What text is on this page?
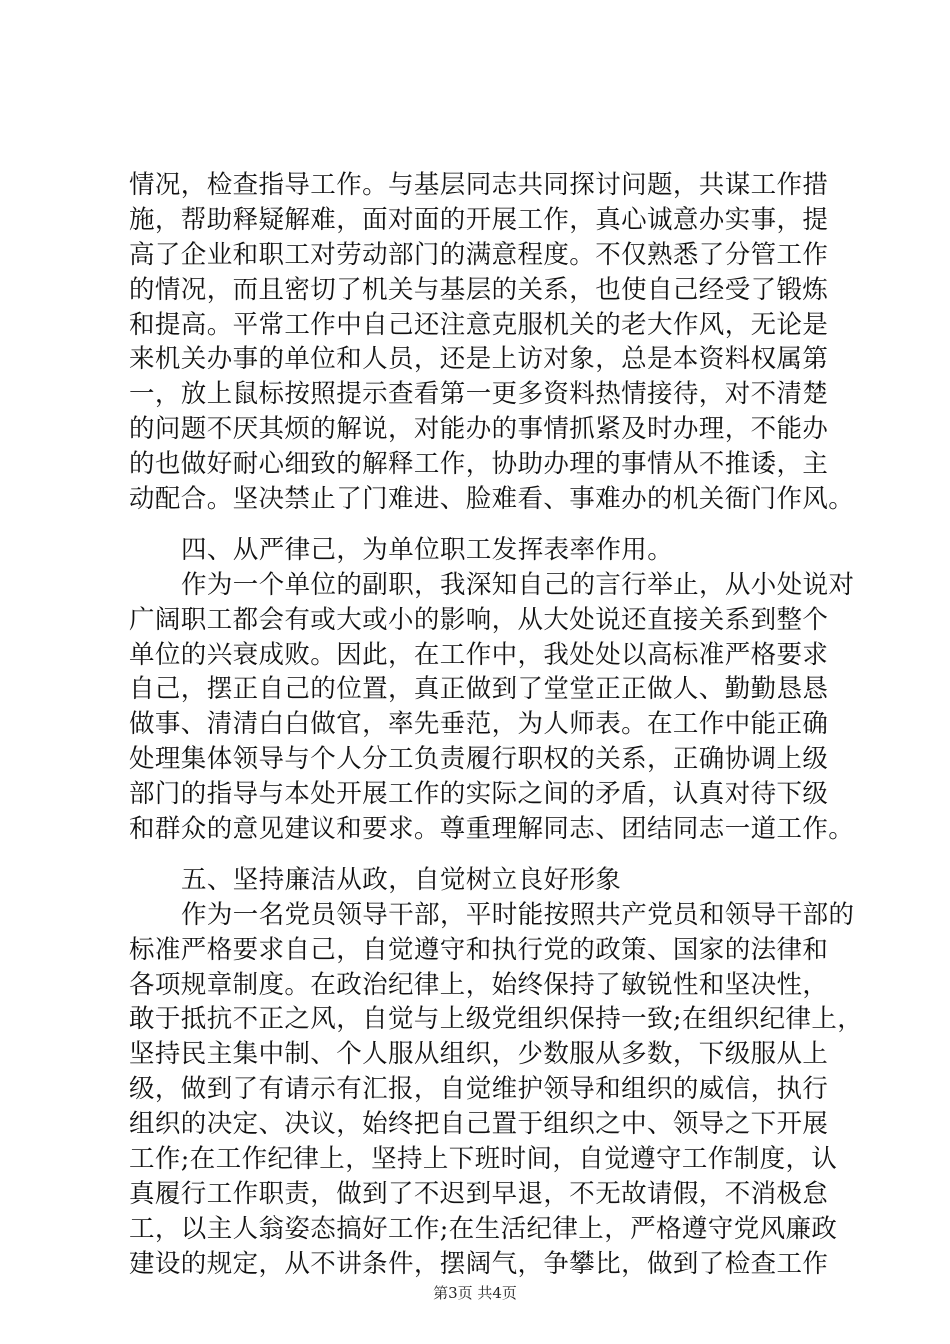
情况，检查指导工作。与基层同志共同探讨问题，共谋工作措
施，帮助释疑解难，面对面的开展工作，真心诚意办实事，提
高了企业和职工对劳动部门的满意程度。不仅熟悉了分管工作
的情况，而且密切了机关与基层的关系，也使自己经受了锻炼
和提高。平常工作中自己还注意克服机关的老大作风，无论是
来机关办事的单位和人员，还是上访对象，总是本资料权属第
一，放上鼠标按照提示查看第一更多资料热情接待，对不清楚
的问题不厌其烦的解说，对能办的事情抓紧及时办理，不能办
的也做好耐心细致的解释工作，协助办理的事情从不推诿，主
动配合。坚决禁止了门难进、脸难看、事难办的机关衙门作风。
四、从严律己，为单位职工发挥表率作用。
作为一个单位的副职，我深知自己的言行举止，从小处说对
广阔职工都会有或大或小的影响，从大处说还直接关系到整个
单位的兴衰成败。因此，在工作中，我处处以高标准严格要求
自己，摆正自己的位置，真正做到了堂堂正正做人、勤勤恳恳
做事、清清白白做官，率先垂范，为人师表。在工作中能正确
处理集体领导与个人分工负责履行职权的关系，正确协调上级
部门的指导与本处开展工作的实际之间的矛盾，认真对待下级
和群众的意见建议和要求。尊重理解同志、团结同志一道工作。
五、坚持廉洁从政，自觉树立良好形象
作为一名党员领导干部，平时能按照共产党员和领导干部的
标准严格要求自己，自觉遵守和执行党的政策、国家的法律和
各项规章制度。在政治纪律上，始终保持了敏锐性和坚决性，
敢于抵抗不正之风，自觉与上级党组织保持一致;在组织纪律上，
坚持民主集中制、个人服从组织，少数服从多数，下级服从上
级，做到了有请示有汇报，自觉维护领导和组织的威信，执行
组织的决定、决议，始终把自己置于组织之中、领导之下开展
工作;在工作纪律上，坚持上下班时间，自觉遵守工作制度，认
真履行工作职责，做到了不迟到早退，不无故请假，不消极怠
工，以主人翁姿态搞好工作;在生活纪律上，严格遵守党风廉政
建设的规定，从不讲条件，摆阔气，争攀比，做到了检查工作
第3页 共4页
